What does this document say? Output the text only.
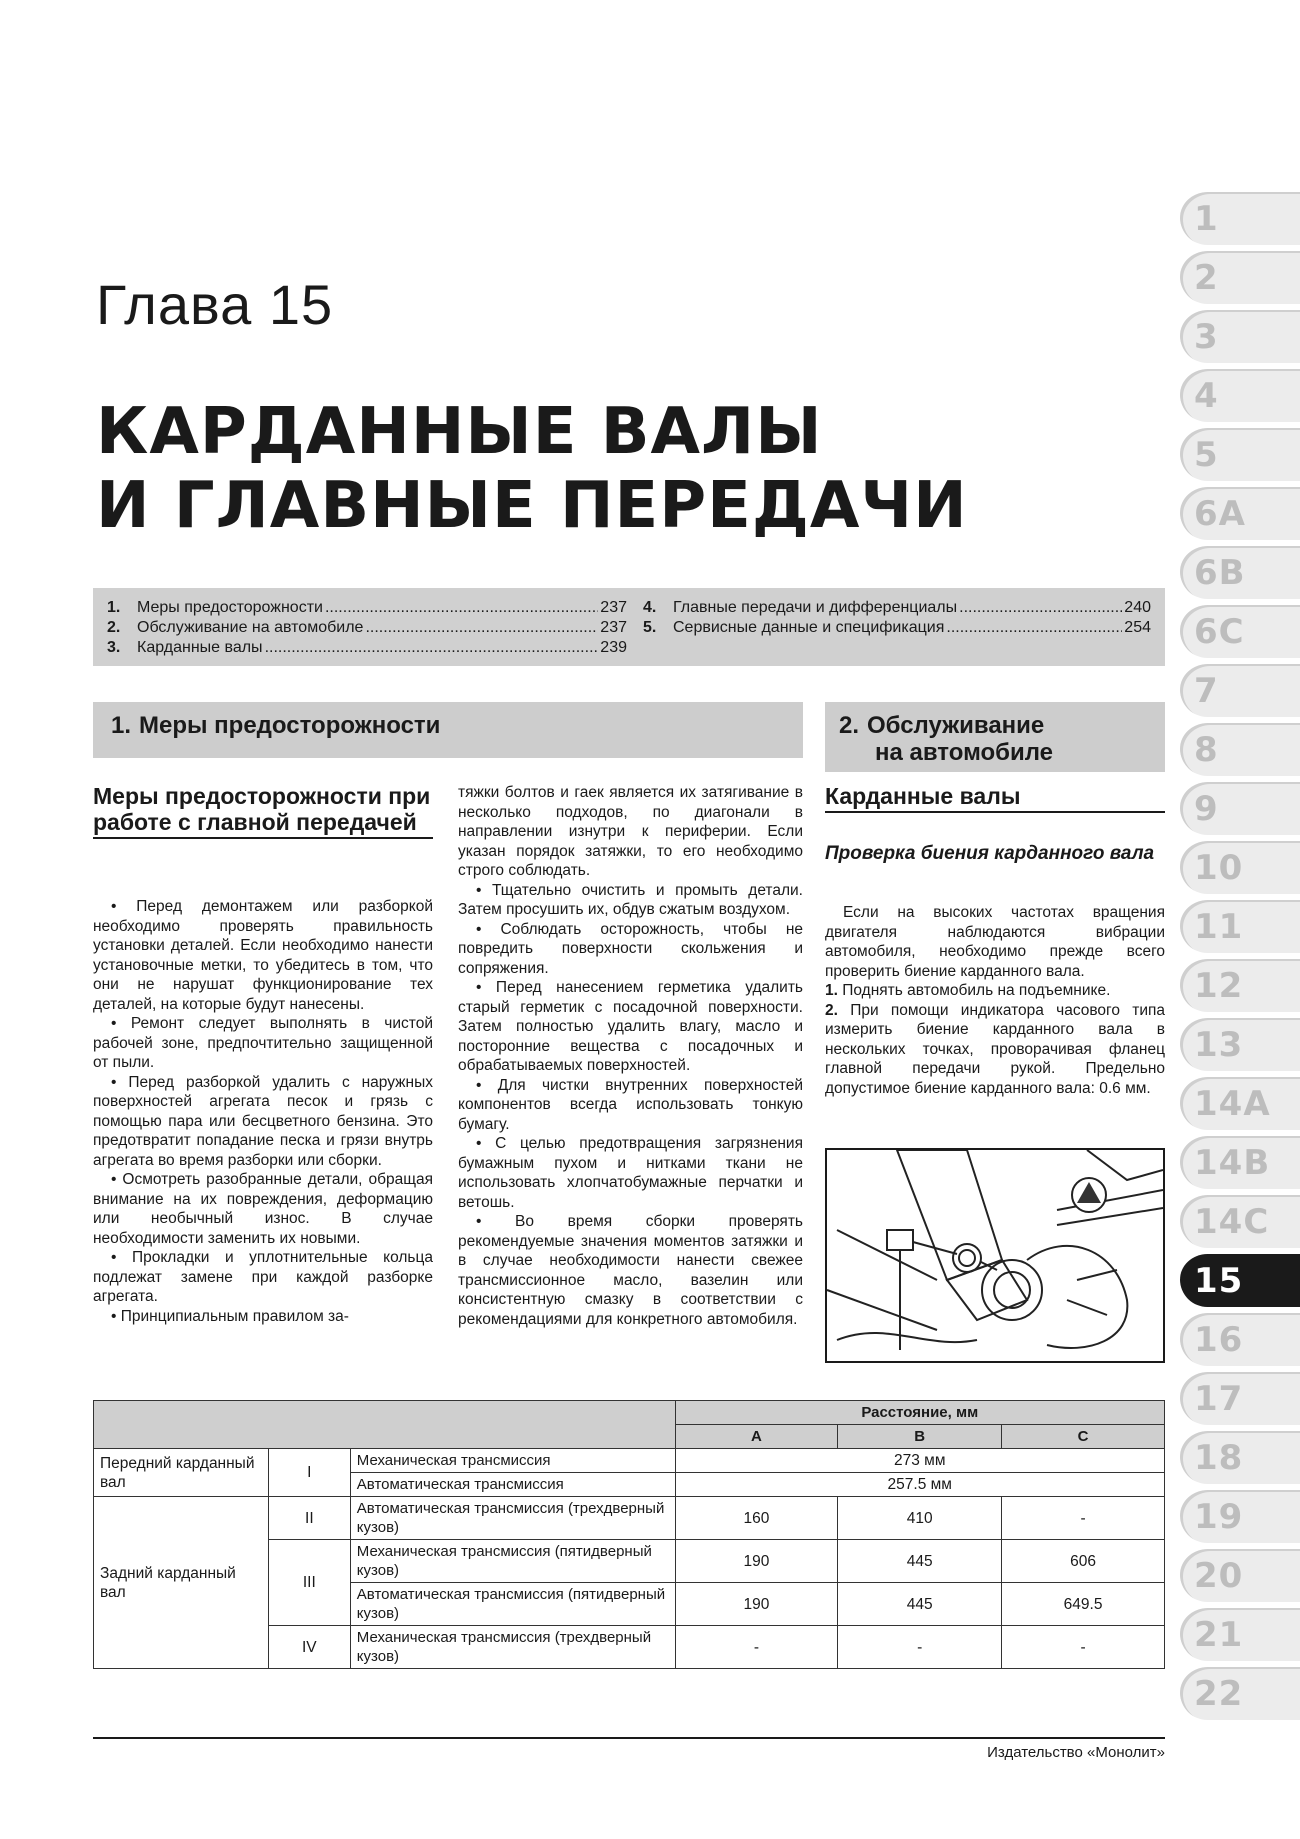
Глава 15
КАРДАННЫЕ ВАЛЫ
И ГЛАВНЫЕ ПЕРЕДАЧИ
1.	Меры предосторожности .....	237
2.	Обслуживание на автомобиле .....	237
3.	Карданные валы .....	239
4.	Главные передачи и дифференциалы .....	240
5.	Сервисные данные и спецификация .....	254
1. Меры предосторожности	2. Обслуживание
на автомобиле
Меры предосторожности при работе с главной передачей
Карданные валы
Проверка биения карданного вала

• Перед демонтажем или разборкой необходимо проверять правильность установки деталей. Если необходимо нанести установочные метки, то убедитесь в том, что они не нарушат функционирование тех деталей, на которые будут нанесены.

• Ремонт следует выполнять в чистой рабочей зоне, предпочтительно защищенной от пыли.

• Перед разборкой удалить с наружных поверхностей агрегата песок и грязь с помощью пара или бесцветного бензина. Это предотвратит попадание песка и грязи внутрь агрегата во время разборки или сборки.

• Осмотреть разобранные детали, обращая внимание на их повреждения, деформацию или необычный износ. В случае необходимости заменить их новыми.

• Прокладки и уплотнительные кольца подлежат замене при каждой разборке агрегата.

• Принципиальным правилом за-

тяжки болтов и гаек является их затягивание в несколько подходов, по диагонали в направлении изнутри к периферии. Если указан порядок затяжки, то его необходимо строго соблюдать.

• Тщательно очистить и промыть детали. Затем просушить их, обдув сжатым воздухом.

• Соблюдать осторожность, чтобы не повредить поверхности скольжения и сопряжения.

• Перед нанесением герметика удалить старый герметик с посадочной поверхности. Затем полностью удалить влагу, масло и посторонние вещества с посадочных и обрабатываемых поверхностей.

• Для чистки внутренних поверхностей компонентов всегда использовать тонкую бумагу.

• С целью предотвращения загрязнения бумажным пухом и нитками ткани не использовать хлопчатобумажные перчатки и ветошь.

• Во время сборки проверять рекомендуемые значения моментов затяжки и в случае необходимости нанести свежее трансмиссионное масло, вазелин или консистентную смазку в соответствии с рекомендациями для конкретного автомобиля.

Если на высоких частотах вращения двигателя наблюдаются вибрации автомобиля, необходимо прежде всего проверить биение карданного вала.

1. Поднять автомобиль на подъемнике.

2. При помощи индикатора часового типа измерить биение карданного вала в нескольких точках, проворачивая фланец главной передачи рукой. Предельно допустимое биение карданного вала: 0.6 мм.

			Расстояние, мм		
			A	B	C
Передний карданный вал	I	Механическая трансмиссия	273 мм		
		Автоматическая трансмиссия	257.5 мм		
Задний карданный вал	II	Автоматическая трансмиссия (трехдверный кузов)	160	410	-
	III	Механическая трансмиссия (пятидверный кузов)	190	445	606
		Автоматическая трансмиссия (пятидверный кузов)	190	445	649.5
	IV	Механическая трансмиссия (трехдверный кузов)	-	-	-
Издательство «Монолит»
1
2
3
4
5
6A
6B
6C
7
8
9
10
11
12
13
14A
14B
14C
15
16
17
18
19
20
21
22
